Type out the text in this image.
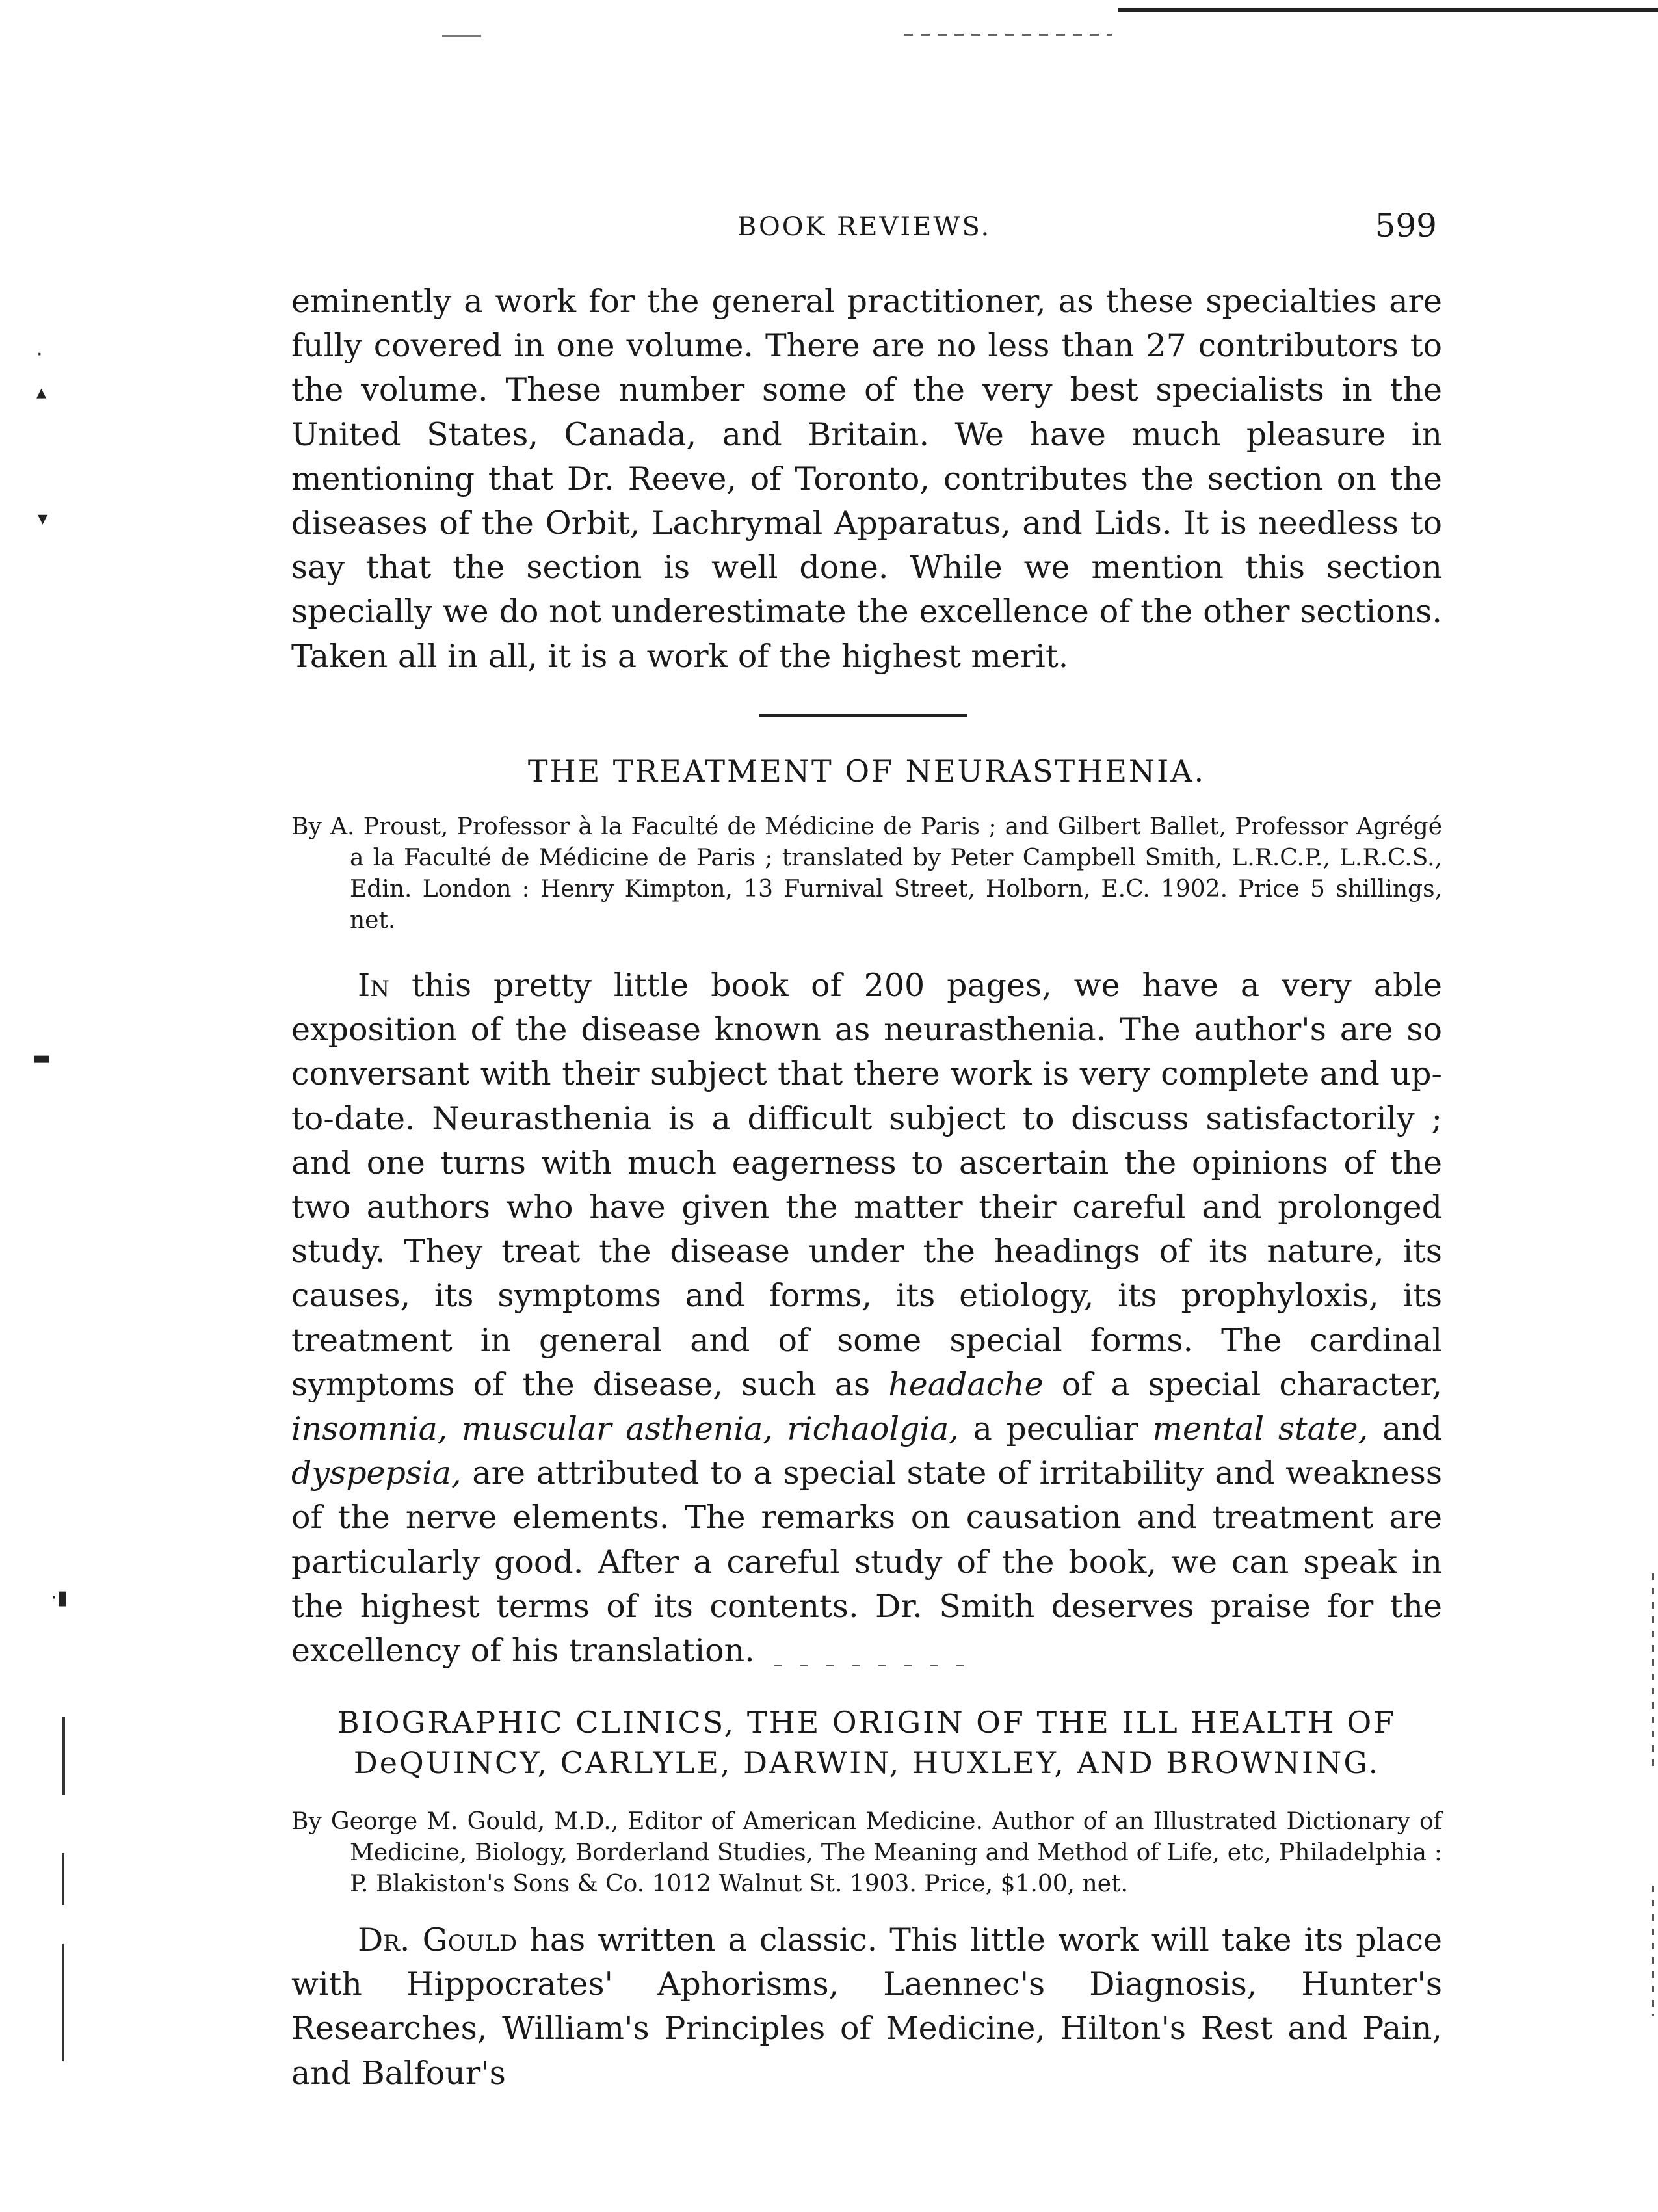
·
▴
▾
▬
·▮
BOOK REVIEWS.	599

eminently a work for the general practitioner, as these specialties are fully covered in one volume. There are no less than 27 contributors to the volume. These number some of the very best specialists in the United States, Canada, and Britain. We have much pleasure in mentioning that Dr. Reeve, of Toronto, contributes the section on the diseases of the Orbit, Lachrymal Apparatus, and Lids. It is needless to say that the section is well done. While we mention this section specially we do not underestimate the excellence of the other sections. Taken all in all, it is a work of the highest merit.

THE TREATMENT OF NEURASTHENIA.

By A. Proust, Professor à la Faculté de Médicine de Paris ; and Gilbert Ballet, Professor Agrégé a la Faculté de Médicine de Paris ; translated by Peter Campbell Smith, L.R.C.P., L.R.C.S., Edin. London : Henry Kimpton, 13 Furnival Street, Holborn, E.C. 1902. Price 5 shillings, net.

In this pretty little book of 200 pages, we have a very able exposition of the disease known as neurasthenia. The author's are so conversant with their subject that there work is very complete and up-to-date. Neurasthenia is a difficult subject to discuss satisfactorily ; and one turns with much eagerness to ascertain the opinions of the two authors who have given the matter their careful and prolonged study. They treat the disease under the headings of its nature, its causes, its symptoms and forms, its etiology, its prophyloxis, its treatment in general and of some special forms. The cardinal symptoms of the disease, such as headache of a special character, insomnia, muscular asthenia, richaolgia, a peculiar mental state, and dyspepsia, are attributed to a special state of irritability and weakness of the nerve elements. The remarks on causation and treatment are particularly good. After a careful study of the book, we can speak in the highest terms of its contents. Dr. Smith deserves praise for the excellency of his translation.

BIOGRAPHIC CLINICS, THE ORIGIN OF THE ILL HEALTH OF
DeQUINCY, CARLYLE, DARWIN, HUXLEY, AND BROWNING.

By George M. Gould, M.D., Editor of American Medicine. Author of an Illustrated Dictionary of Medicine, Biology, Borderland Studies, The Meaning and Method of Life, etc, Philadelphia : P. Blakiston's Sons & Co. 1012 Walnut St. 1903. Price, $1.00, net.

Dr. Gould has written a classic. This little work will take its place with Hippocrates' Aphorisms, Laennec's Diagnosis, Hunter's Researches, William's Principles of Medicine, Hilton's Rest and Pain, and Balfour's
